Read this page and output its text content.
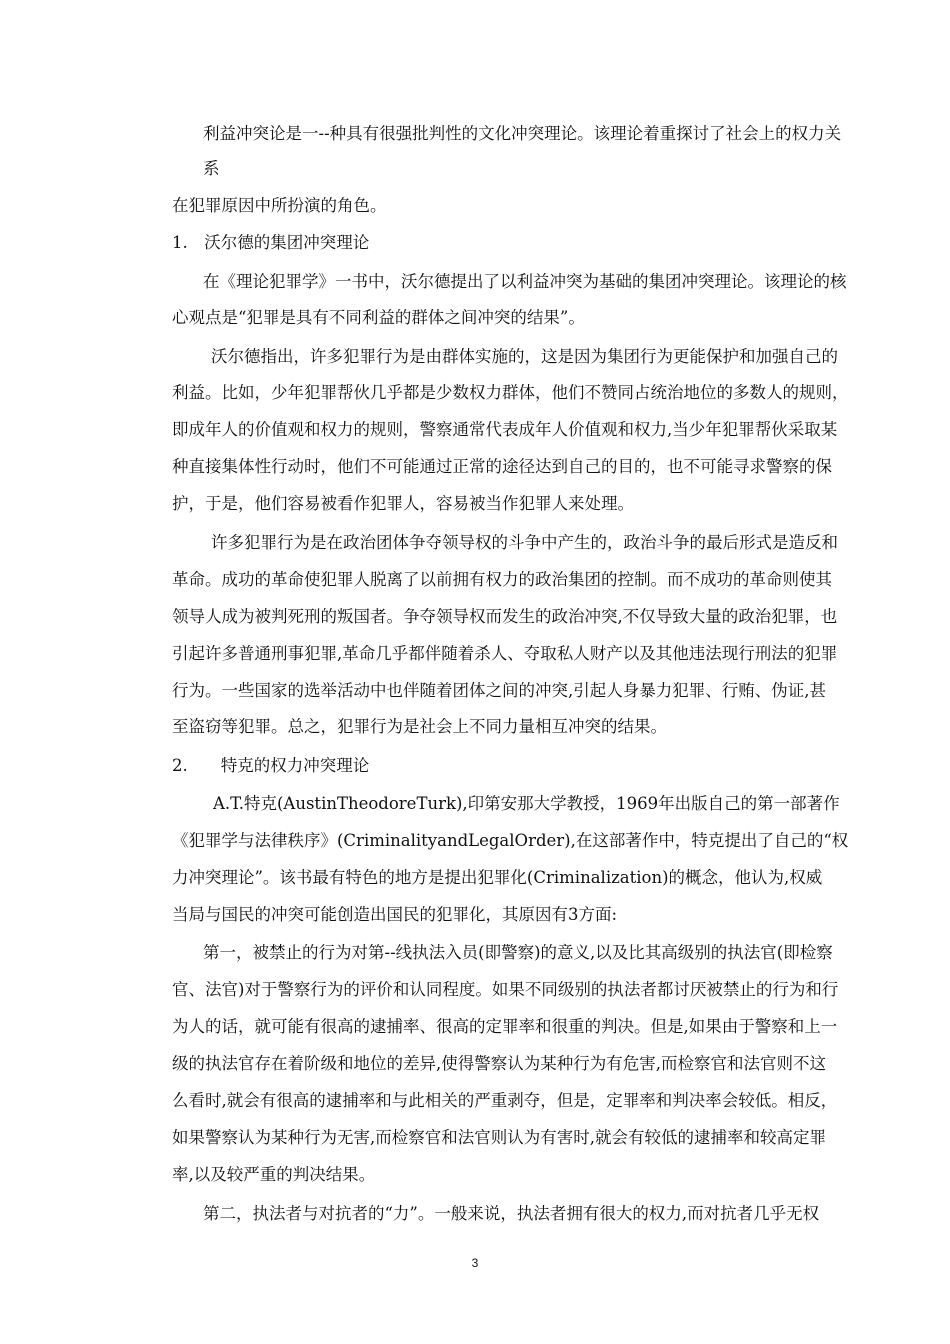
利益冲突论是一--种具有很强批判性的文化冲突理论。该理论着重探讨了社会上的权力关
系
在犯罪原因中所扮演的角色。
1.　沃尔德的集团冲突理论
在《理论犯罪学》一书中，沃尔德提出了以利益冲突为基础的集团冲突理论。该理论的核
心观点是“犯罪是具有不同利益的群体之间冲突的结果”。
沃尔德指出，许多犯罪行为是由群体实施的，这是因为集团行为更能保护和加强自己的
利益。比如，少年犯罪帮伙几乎都是少数权力群体，他们不赞同占统治地位的多数人的规则，
即成年人的价值观和权力的规则，警察通常代表成年人价值观和权力,当少年犯罪帮伙采取某
种直接集体性行动时，他们不可能通过正常的途径达到自己的目的，也不可能寻求警察的保
护，于是，他们容易被看作犯罪人，容易被当作犯罪人来处理。
许多犯罪行为是在政治团体争夺领导权的斗争中产生的，政治斗争的最后形式是造反和
革命。成功的革命使犯罪人脱离了以前拥有权力的政治集团的控制。而不成功的革命则使其
领导人成为被判死刑的叛国者。争夺领导权而发生的政治冲突,不仅导致大量的政治犯罪，也
引起许多普通刑事犯罪,革命几乎都伴随着杀人、夺取私人财产以及其他违法现行刑法的犯罪
行为。一些国家的选举活动中也伴随着团体之间的冲突,引起人身暴力犯罪、行贿、伪证,甚
至盗窃等犯罪。总之，犯罪行为是社会上不同力量相互冲突的结果。
2.　　特克的权力冲突理论
A.T.特克(AustinTheodoreTurk),印第安那大学教授，1969年出版自己的第一部著作
《犯罪学与法律秩序》(CriminalityandLegalOrder),在这部著作中，特克提出了自己的“权
力冲突理论”。该书最有特色的地方是提出犯罪化(Criminalization)的概念，他认为,权威
当局与国民的冲突可能创造出国民的犯罪化，其原因有3方面:
第一，被禁止的行为对第--线执法入员(即警察)的意义,以及比其高级别的执法官(即检察
官、法官)对于警察行为的评价和认同程度。如果不同级别的执法者都讨厌被禁止的行为和行
为人的话，就可能有很高的逮捕率、很高的定罪率和很重的判决。但是,如果由于警察和上一
级的执法官存在着阶级和地位的差异,使得警察认为某种行为有危害,而检察官和法官则不这
么看时,就会有很高的逮捕率和与此相关的严重剥夺，但是，定罪率和判决率会较低。相反，
如果警察认为某种行为无害,而检察官和法官则认为有害时,就会有较低的逮捕率和较高定罪
率,以及较严重的判决结果。
第二，执法者与对抗者的“力”。一般来说，执法者拥有很大的权力,而对抗者几乎无权
3
